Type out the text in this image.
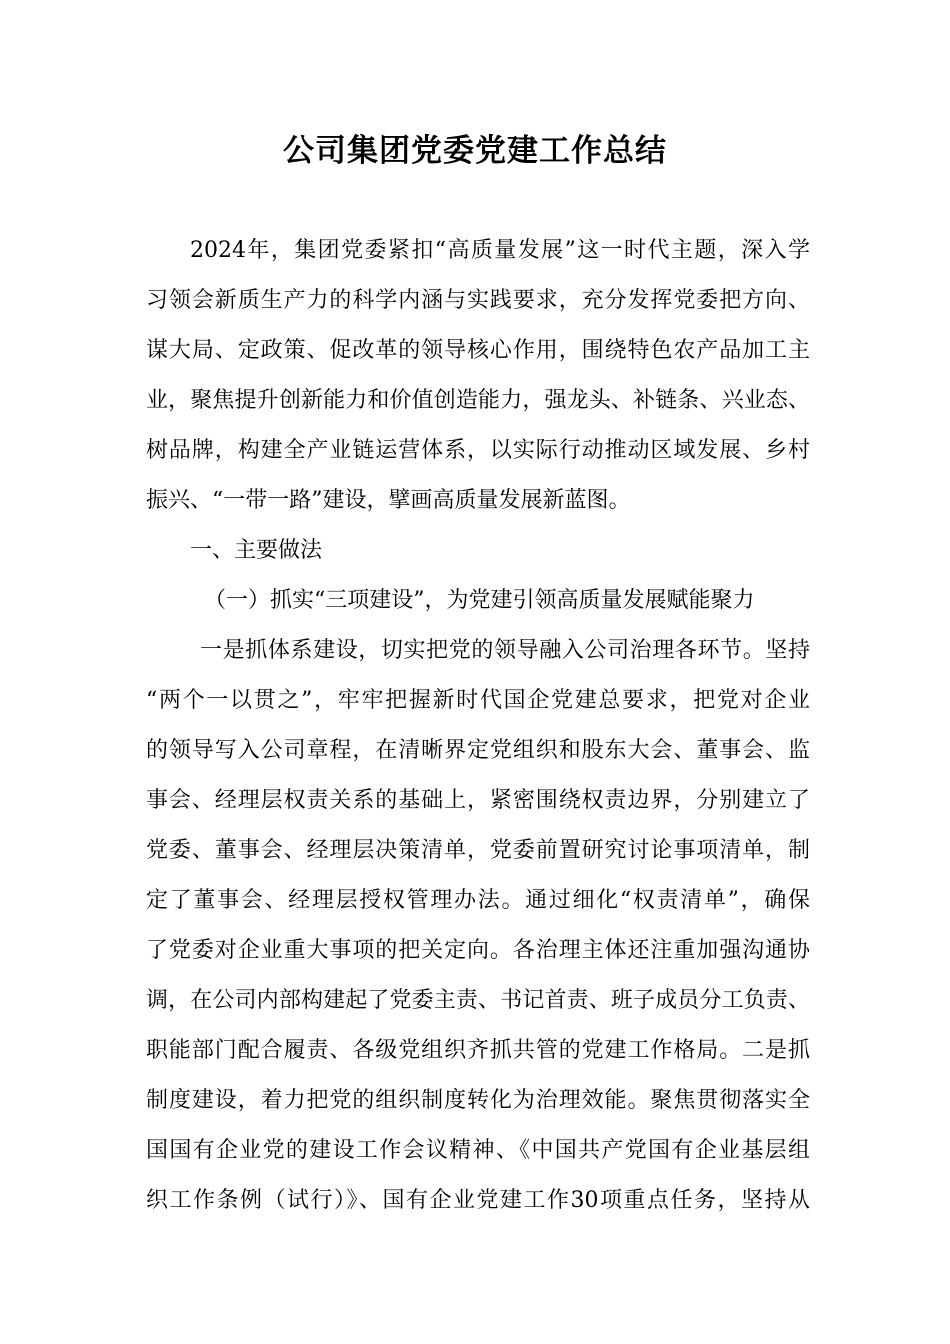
公司集团党委党建工作总结
2024年，集团党委紧扣“高质量发展”这一时代主题，深入学
习领会新质生产力的科学内涵与实践要求，充分发挥党委把方向、
谋大局、定政策、促改革的领导核心作用，围绕特色农产品加工主
业，聚焦提升创新能力和价值创造能力，强龙头、补链条、兴业态、
树品牌，构建全产业链运营体系，以实际行动推动区域发展、乡村
振兴、“一带一路”建设，擘画高质量发展新蓝图。
一、主要做法
（一）抓实“三项建设”，为党建引领高质量发展赋能聚力
一是抓体系建设，切实把党的领导融入公司治理各环节。坚持
“两个一以贯之”，牢牢把握新时代国企党建总要求，把党对企业
的领导写入公司章程，在清晰界定党组织和股东大会、董事会、监
事会、经理层权责关系的基础上，紧密围绕权责边界，分别建立了
党委、董事会、经理层决策清单，党委前置研究讨论事项清单，制
定了董事会、经理层授权管理办法。通过细化“权责清单”，确保
了党委对企业重大事项的把关定向。各治理主体还注重加强沟通协
调，在公司内部构建起了党委主责、书记首责、班子成员分工负责、
职能部门配合履责、各级党组织齐抓共管的党建工作格局。二是抓
制度建设，着力把党的组织制度转化为治理效能。聚焦贯彻落实全
国国有企业党的建设工作会议精神、《中国共产党国有企业基层组
织工作条例（试行）》、国有企业党建工作30项重点任务，坚持从
